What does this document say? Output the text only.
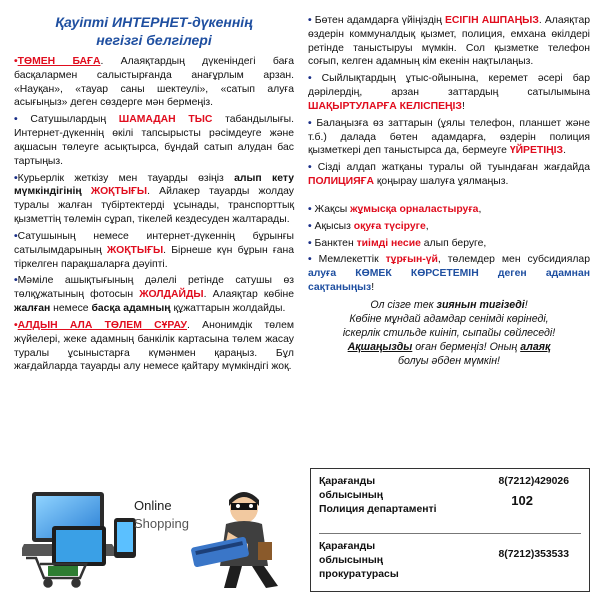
Қауіпті ИНТЕРНЕТ-дүкеннің
негізгі белгілері

•ТӨМЕН БАҒА. Алаяқтардың дүкеніндегі баға басқалармен салыстырғанда анағұрлым арзан. «Науқан», «тауар саны шектеулі», «сатып алуға асығыңыз» деген сөздерге мән бермеңіз.

• Сатушылардың ШАМАДАН ТЫС табандылығы. Интернет-дүкеннің өкілі тапсырысты рәсімдеуге және ақшасын төлеуге асықтырса, бұндай сатып алудан бас тартыңыз.

•Курьерлік жеткізу мен тауарды өзіңіз алып кету мүмкіндігінің ЖОҚТЫҒЫ. Айлакер тауарды жолдау туралы жалған түбіртектерді ұсынады, транспорттық қызметтің төлемін сұрап, тікелей кездесуден жалтарады.

•Сатушының немесе интернет-дүкеннің бұрынғы сатылымдарының ЖОҚТЫҒЫ. Бірнеше күн бұрын ғана тіркелген парақшаларға дәуіпті.

•Мәміле ашықтығының дәлелі ретінде сатушы өз төлқұжатының фотосын ЖОЛДАЙДЫ. Алаяқтар көбіне жалған немесе басқа адамның құжаттарын жолдайды.

•АЛДЫН АЛА ТӨЛЕМ СҰРАУ. Анонимдік төлем жүйелері, жеке адамның банкілік картасына төлем жасау туралы ұсыныстарға күмәнмен қараңыз. Бұл жағдайларда тауарды алу немесе қайтару мүмкіндігі жоқ.

Online
Shopping

• Бөтен адамдарға үйіңіздің ЕСІГІН АШПАҢЫЗ. Алаяқтар өздерін коммуналдық қызмет, полиция, емхана өкілдері ретінде таныстыруы мүмкін. Сол қызметке телефон соғып, келген адамның кім екенін нақтылаңыз.

• Сыйлықтардың ұтыс-ойынына, керемет әсері бар дәрілердің, арзан заттардың сатылымына ШАҚЫРТУЛАРҒА КЕЛІСПЕҢІЗ!

• Балаңызға өз заттарын (ұялы телефон, планшет және т.б.) далада бөтен адамдарға, өздерін полиция қызметкері деп таныстырса да, бермеуге ҮЙРЕТІҢІЗ.

• Сізді алдап жатқаны туралы ой туындаған жағдайда ПОЛИЦИЯҒА қоңырау шалуға ұялмаңыз.

• Жақсы жұмысқа орналастыруға,

• Ақысыз оқуға түсіруге,

• Банктен тиімді несие алып беруге,

• Мемлекеттік тұрғын-үй, төлемдер мен субсидиялар алуға КӨМЕК КӨРСЕТЕМІН деген адамнан сақтаныңыз!

Ол сізге тек зиянын тигізеді!
Көбіне мұндай адамдар сенімді көрінеді,
іскерлік стильде киініп, сыпайы сөйлеседі!
Ақшаңызды оған бермеңіз! Оның алаяқ
болуы әбден мүмкін!
Қарағанды
облысының
Полиция департаменті
8(7212)429026
102
Қарағанды
облысының
прокуратурасы
8(7212)353533
